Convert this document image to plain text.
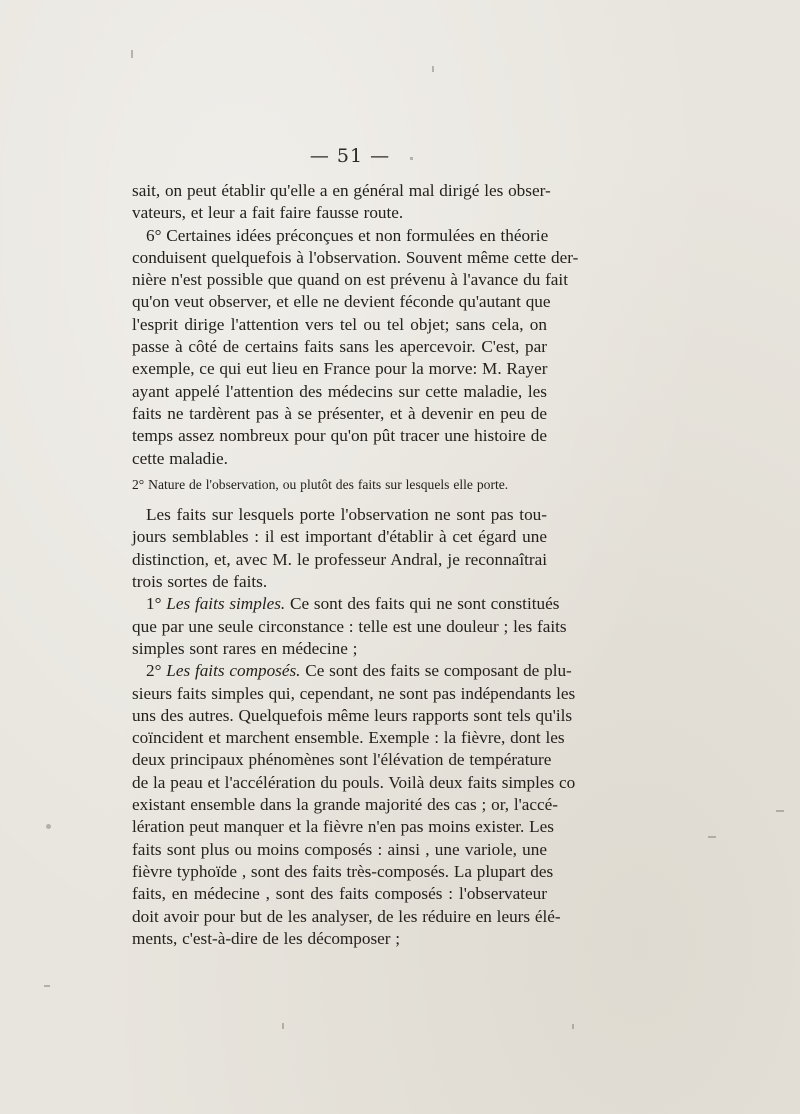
— 51 —
sait, on peut établir qu'elle a en général mal dirigé les obser-
vateurs, et leur a fait faire fausse route.
6° Certaines idées préconçues et non formulées en théorie
conduisent quelquefois à l'observation. Souvent même cette der-
nière n'est possible que quand on est prévenu à l'avance du fait
qu'on veut observer, et elle ne devient féconde qu'autant que
l'esprit dirige l'attention vers tel ou tel objet; sans cela, on
passe à côté de certains faits sans les apercevoir. C'est, par
exemple, ce qui eut lieu en France pour la morve: M. Rayer
ayant appelé l'attention des médecins sur cette maladie, les
faits ne tardèrent pas à se présenter, et à devenir en peu de
temps assez nombreux pour qu'on pût tracer une histoire de
cette maladie.
2° Nature de l'observation, ou plutôt des faits sur lesquels elle porte.
Les faits sur lesquels porte l'observation ne sont pas tou-
jours semblables : il est important d'établir à cet égard une
distinction, et, avec M. le professeur Andral, je reconnaîtrai
trois sortes de faits.
1° Les faits simples. Ce sont des faits qui ne sont constitués
que par une seule circonstance : telle est une douleur ; les faits
simples sont rares en médecine ;
2° Les faits composés. Ce sont des faits se composant de plu-
sieurs faits simples qui, cependant, ne sont pas indépendants les
uns des autres. Quelquefois même leurs rapports sont tels qu'ils
coïncident et marchent ensemble. Exemple : la fièvre, dont les
deux principaux phénomènes sont l'élévation de température
de la peau et l'accélération du pouls. Voilà deux faits simples co
existant ensemble dans la grande majorité des cas ; or, l'accé-
lération peut manquer et la fièvre n'en pas moins exister. Les
faits sont plus ou moins composés : ainsi , une variole, une
fièvre typhoïde , sont des faits très-composés. La plupart des
faits, en médecine , sont des faits composés : l'observateur
doit avoir pour but de les analyser, de les réduire en leurs élé-
ments, c'est-à-dire de les décomposer ;
